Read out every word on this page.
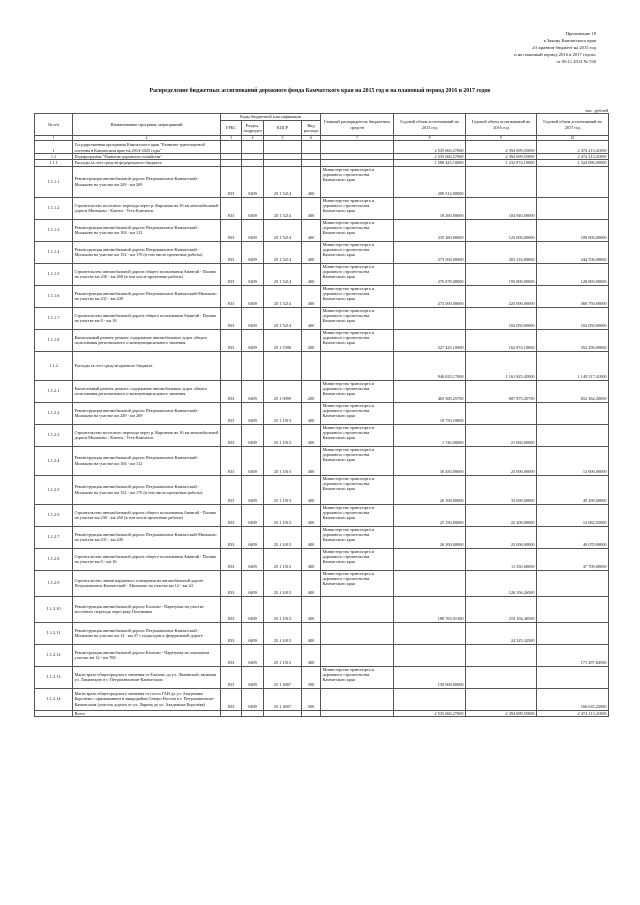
Приложение 18
к Закону Камчатского края
«О краевом бюджете на 2015 год
и на плановый период 2016 и 2017 годов»
от 06.11.2014 № 536
Распределение бюджетных ассигнований дорожного фонда Камчатского края на 2015 год и на плановый период 2016 и 2017 годов
тыс. рублей
№ п/п	Наименование программ, мероприятий	Коды бюджетной классификации				Главный распорядитель бюджетных средств	Годовой объем ассигнований на 2015 год	Годовой объем ассигнований на 2016 год	Годовой объем ассигнований на 2017 год
		ГРБС	Раздел, подраздел	КЦСР	Вид расхода				
1	2	3	4	5	6	7	8	9	10
1	Государственная программа Камчатского края "Развитие транспортной системы в Камчатском крае на 2014-2025 годы"						2 535 060,27000	2 394 699,55000	2 474 213,41000
1.1	Подпрограмма "Развитие дорожного хозяйства"						2 535 060,27000	2 394 699,55000	2 474 213,41000
1.1.1	Расходы за счет средств федерального бюджета						1 588 425,10000	1 232 874,10000	1 324 696,00000
1.1.1.1	Реконструкция автомобильной дороги Петропавловск-Камчатский - Мильково на участке км 249 - км 269	833	0409	25 1 5214	400	Министерство транспорта и дорожного строительства Камчатского края	208 512,00000		
1.1.1.2	Строительство мостового перехода через р. Кирганик на 16 км автомобильной дороги Мильково - Ключи - Усть-Камчатск	833	0409	25 1 5214	400	Министерство транспорта и дорожного строительства Камчатского края	18 260,00000	104 940,00000	
1.1.1.3	Реконструкция автомобильной дороги Петропавловск-Камчатский - Мильково на участке км 104 - км 112	833	0409	25 1 5214	400	Министерство транспорта и дорожного строительства Камчатского края	235 260,00000	123 000,00000	108 000,00000
1.1.1.4	Реконструкция автомобильной дороги Петропавловск-Камчатский - Мильково на участке км 152 - км 170 (в том числе проектные работы)	833	0409	25 1 5214	400	Министерство транспорта и дорожного строительства Камчатского края	273 500,00000	303 216,00000	344 706,00000
1.1.1.5	Строительство автомобильной дороги общего пользования Анавгай - Палана на участке км 230 - км 260 (в том числе проектные работы)	833	0409	25 1 5214	400	Министерство транспорта и дорожного строительства Камчатского края	276 078,00000	195 800,00000	128 869,00000
1.1.1.6	Реконструкция автомобильной дороги Петропавловск-Камчатский-Мильково на участке км 231 - км 249	833	0409	25 1 5214	400	Министерство транспорта и дорожного строительства Камчатского края	273 500,00000	225 000,00000	360 750,00000
1.1.1.7	Строительство автомобильной дороги общего пользования Анавгай - Палана на участке км 0 - км 16	833	0409	25 1 5214	400	Министерство транспорта и дорожного строительства Камчатского края		102 050,00000	102 050,00000
1.1.1.8	Капитальный ремонт, ремонт, содержание автомобильных дорог общего пользования регионального и межмуниципального значения	833	0409	25 1 5390	200	Министерство транспорта и дорожного строительства Камчатского края	227 425,10000	162 874,10000	352 296,00000
1.1.2	Расходы за счет средств краевого бюджета						946 635,17000	1 161 825,45000	1 149 517,41000
1.1.2.1	Капитальный ремонт, ремонт, содержание автомобильных дорог общего пользования регионального и межмуниципального значения	833	0409	25 1 0999	200	Министерство транспорта и дорожного строительства Камчатского края	465 569,25700	687 875,45700	652 362,20000
1.1.2.2	Реконструкция автомобильной дороги Петропавловск-Камчатский - Мильково на участке км 249 - км 269	833	0409	25 1 1013	400	Министерство транспорта и дорожного строительства Камчатского края	19 750,18000		
1.1.2.3	Строительство мостового перехода через р. Кирганик на 16 км автомобильной дороги Мильково - Ключи - Усть-Камчатск	833	0409	25 1 1013	400	Министерство транспорта и дорожного строительства Камчатского края	1 740,00000	21 060,00000	
1.1.2.4	Реконструкция автомобильной дороги Петропавловск-Камчатский - Мильково на участке км 104 - км 112	833	0409	25 1 1013	400	Министерство транспорта и дорожного строительства Камчатского края	30 450,00000	25 000,00000	12 000,00000
1.1.2.5	Реконструкция автомобильной дороги Петропавловск-Камчатский - Мильково на участке км 152 - км 170 (в том числе проектные работы)	833	0409	25 1 1013	400	Министерство транспорта и дорожного строительства Камчатского края	26 100,00000	33 690,00000	49 290,00000
1.1.2.6	Строительство автомобильной дороги общего пользования Анавгай - Палана на участке км 230 - км 260 (в том числе проектные работы)	833	0409	25 1 1013	400	Министерство транспорта и дорожного строительства Камчатского края	25 150,00000	22 200,00000	14 082,55000
1.1.2.7	Реконструкция автомобильной дороги Петропавловск-Камчатский-Мильково на участке км 231 - км 249	833	0409	25 1 1013	400	Министерство транспорта и дорожного строительства Камчатского края	26 100,00000	25 000,00000	40 070,00000
1.1.2.8	Строительство автомобильной дороги общего пользования Анавгай - Палана на участке км 0 - км 16	833	0409	25 1 1013	400	Министерство транспорта и дорожного строительства Камчатского края		11 350,00000	47 700,00000
1.1.2.9	Строительство линии наружного освещения на автомобильной дороге Петропавловск-Камчатский - Мильково на участке км 12 - км 24	833	0409	25 1 1013	400	Министерство транспорта и дорожного строительства Камчатского края		126 356,26500	
1.1.2.10	Реконструкция автомобильной дороги Елизово - Паратунка на участке мостового перехода через реку Половинка	833	0409	25 1 1013	400		188 765,91300	210 194,40500	
1.1.2.11	Реконструкция автомобильной дороги Петропавловск-Камчатский - Мильково на участке км 12 - км 27 с подъездом к федеральной дороге	833	0409	25 1 1013	400			24 325,32500	
1.1.2.12	Реконструкция автомобильной дороги Елизово - Паратунка на локальном участке км 12 - км 700	833	0409	25 1 1013	400				171 297,84500
1.1.2.13	Магистраль общегородского значения от Елизово до ул. Лиманской, включая ул. Лиманскую в г. Петропавловске-Камчатском	833	0409	25 1 4007	500	Министерство транспорта и дорожного строительства Камчатского края	150 000,00000		
1.1.2.14	Магистраль общегородского значения от поста ГАИ до ул. Академика Королёва с примыканием в микрорайон Северо-Восток в г. Петропавловске-Камчатском (участок дороги от ул. Ларина до ул. Академика Королёва)	833	0409	25 1 4007	500				166 635,23900
	Всего						2 535 060,27000	2 394 699,55000	2 474 213,41000
